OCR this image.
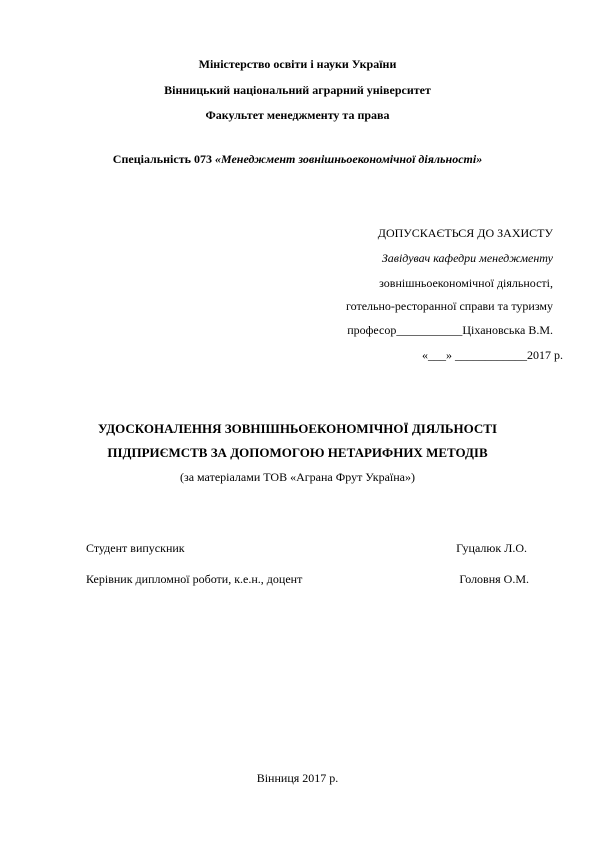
Міністерство освіти і науки України
Вінницький національний аграрний університет
Факультет менеджменту та права
Спеціальність 073 «Менеджмент зовнішньоекономічної діяльності»
ДОПУСКАЄТЬСЯ ДО ЗАХИСТУ
Завідувач кафедри менеджменту
зовнішньоекономічної діяльності,
готельно-ресторанної справи та туризму
професор___________Ціхановська В.М.
«___» ____________2017 р.
УДОСКОНАЛЕННЯ ЗОВНІШНЬОЕКОНОМІЧНОЇ ДІЯЛЬНОСТІ
ПІДПРИЄМСТВ ЗА ДОПОМОГОЮ НЕТАРИФНИХ МЕТОДІВ
(за матеріалами ТОВ «Аграна Фрут Україна»)
Студент випускник	Гуцалюк Л.О.
Керівник дипломної роботи, к.е.н., доцент	Головня О.М.
Вінниця 2017 р.
